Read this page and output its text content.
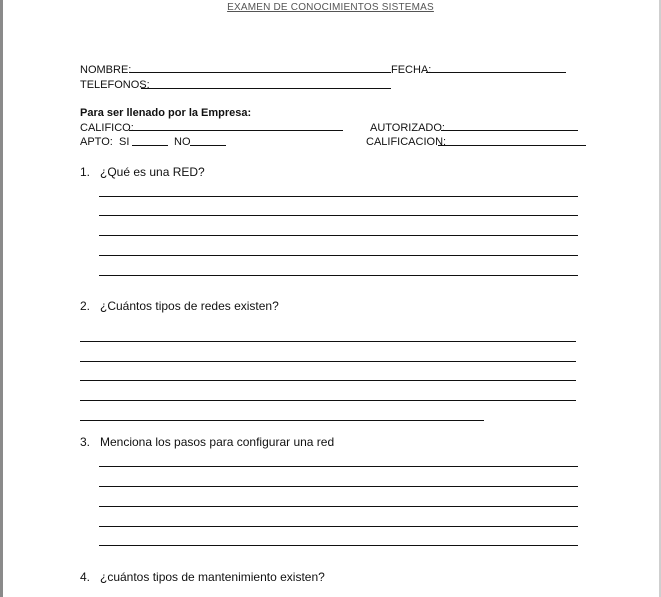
EXAMEN DE CONOCIMIENTOS SISTEMAS
NOMBRE:	FECHA:
TELEFONOS:
Para ser llenado por la Empresa:
CALIFICO:	AUTORIZADO:
APTO: SI	NO	CALIFICACION:
1. ¿Qué es una RED?
2. ¿Cuántos tipos de redes existen?
3. Menciona los pasos para configurar una red
4. ¿cuántos tipos de mantenimiento existen?
